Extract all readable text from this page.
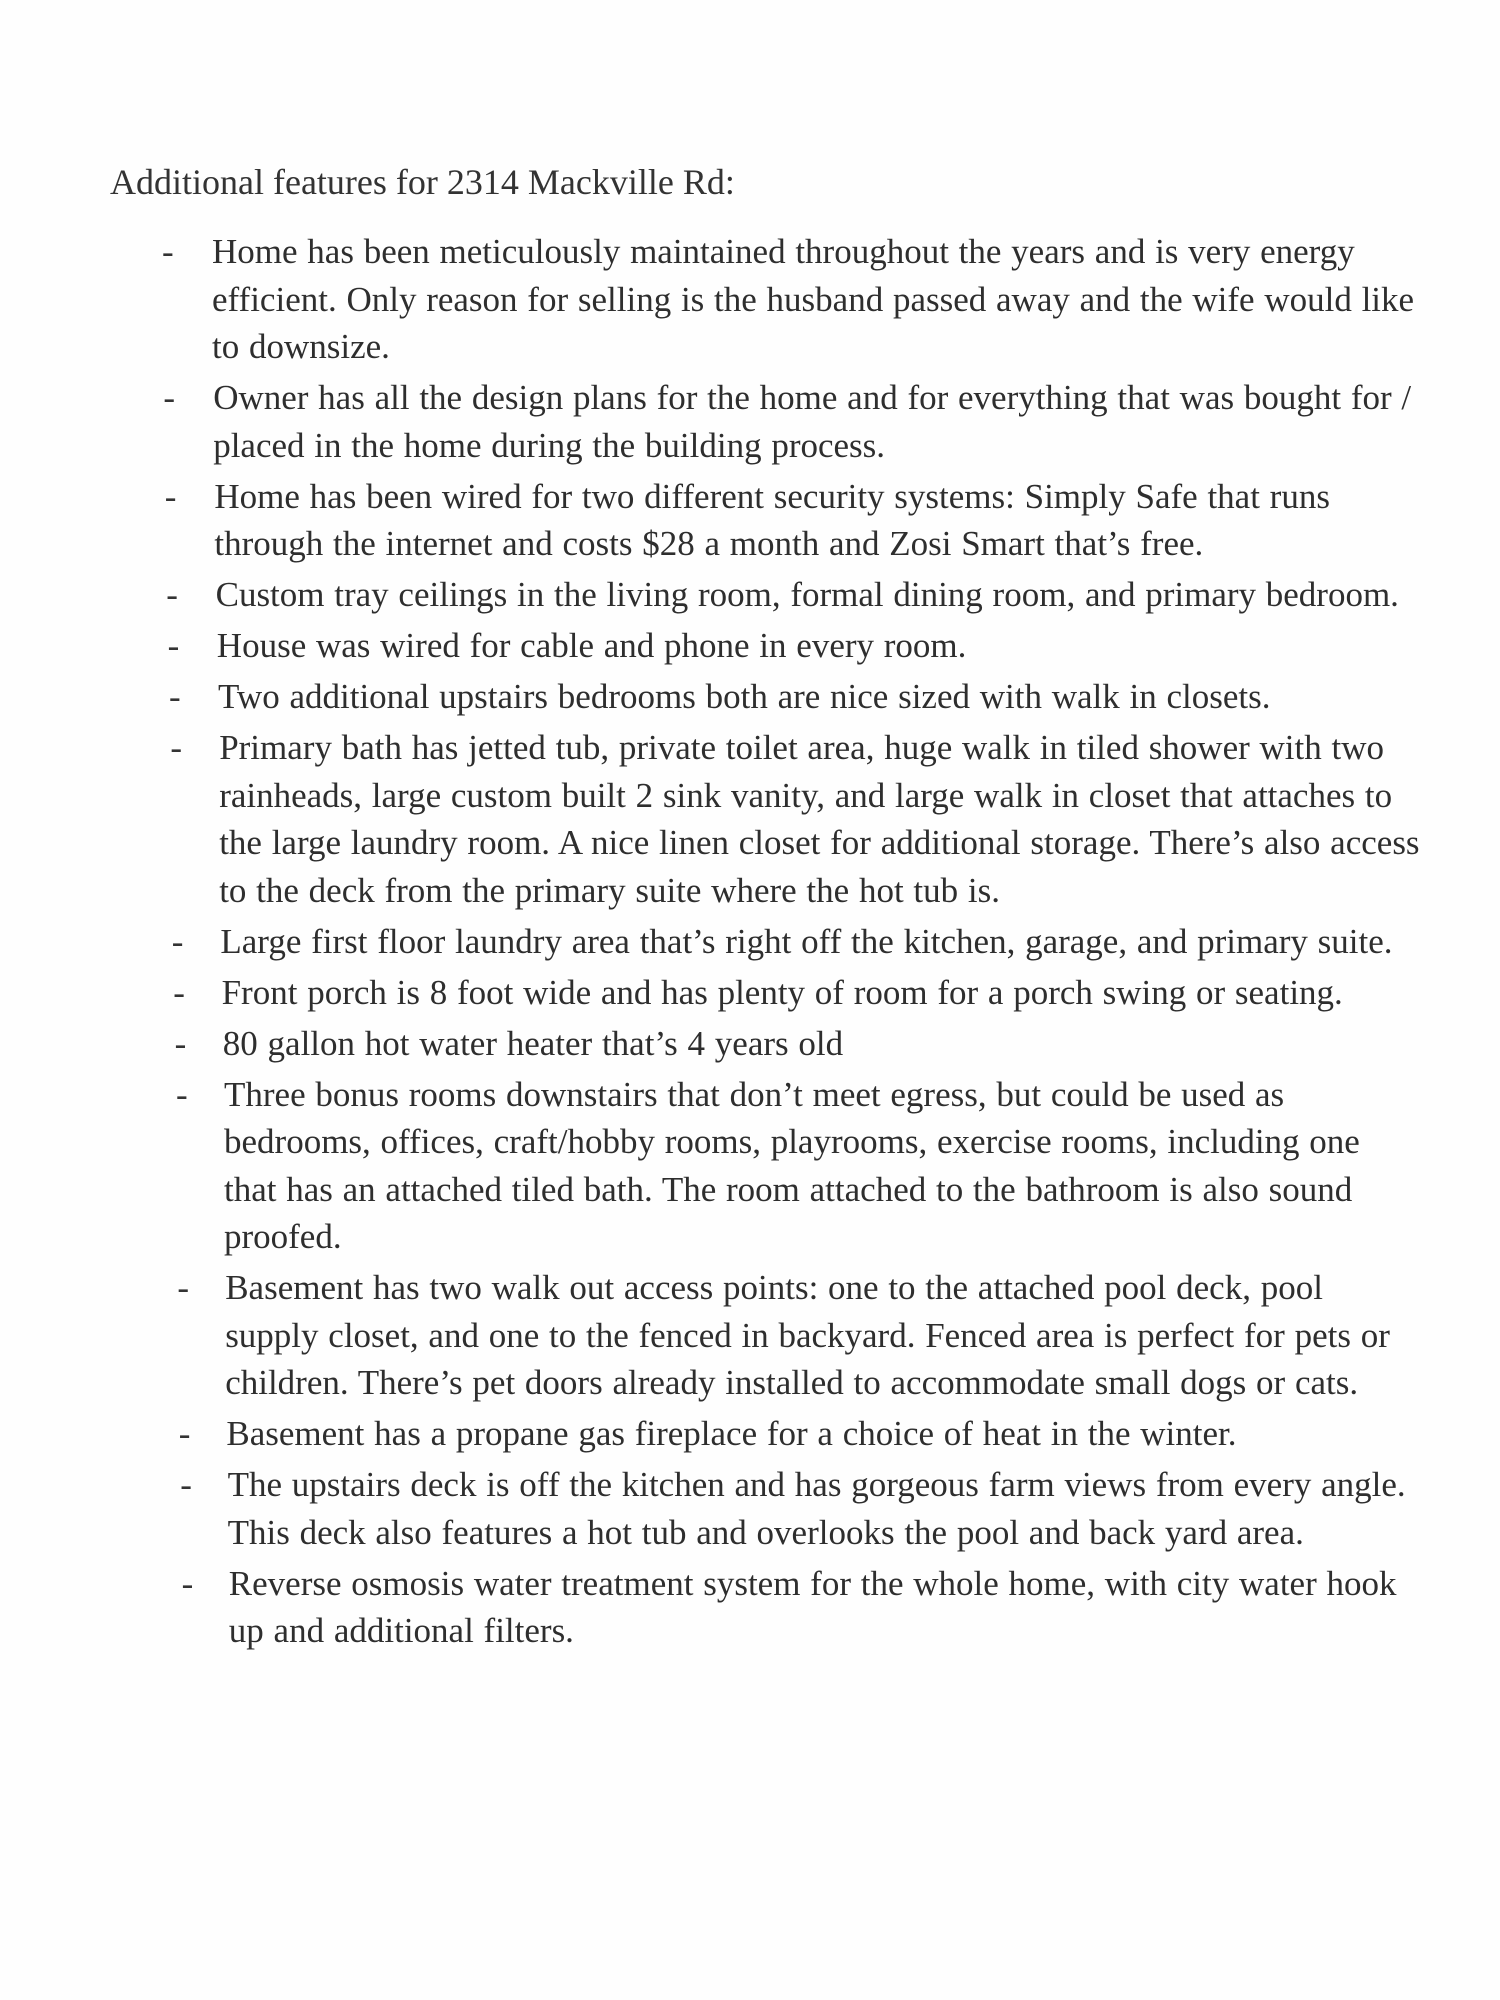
Additional features for 2314 Mackville Rd:
- Home has been meticulously maintained throughout the years and is very energy efficient. Only reason for selling is the husband passed away and the wife would like to downsize.
- Owner has all the design plans for the home and for everything that was bought for / placed in the home during the building process.
- Home has been wired for two different security systems: Simply Safe that runs through the internet and costs $28 a month and Zosi Smart that’s free.
- Custom tray ceilings in the living room, formal dining room, and primary bedroom.
- House was wired for cable and phone in every room.
- Two additional upstairs bedrooms both are nice sized with walk in closets.
- Primary bath has jetted tub, private toilet area, huge walk in tiled shower with two rainheads, large custom built 2 sink vanity, and large walk in closet that attaches to the large laundry room. A nice linen closet for additional storage. There’s also access to the deck from the primary suite where the hot tub is.
- Large first floor laundry area that’s right off the kitchen, garage, and primary suite.
- Front porch is 8 foot wide and has plenty of room for a porch swing or seating.
- 80 gallon hot water heater that’s 4 years old
- Three bonus rooms downstairs that don’t meet egress, but could be used as bedrooms, offices, craft/hobby rooms, playrooms, exercise rooms, including one that has an attached tiled bath. The room attached to the bathroom is also sound proofed.
- Basement has two walk out access points: one to the attached pool deck, pool supply closet, and one to the fenced in backyard. Fenced area is perfect for pets or children. There’s pet doors already installed to accommodate small dogs or cats.
- Basement has a propane gas fireplace for a choice of heat in the winter.
- The upstairs deck is off the kitchen and has gorgeous farm views from every angle. This deck also features a hot tub and overlooks the pool and back yard area.
- Reverse osmosis water treatment system for the whole home, with city water hook up and additional filters.
